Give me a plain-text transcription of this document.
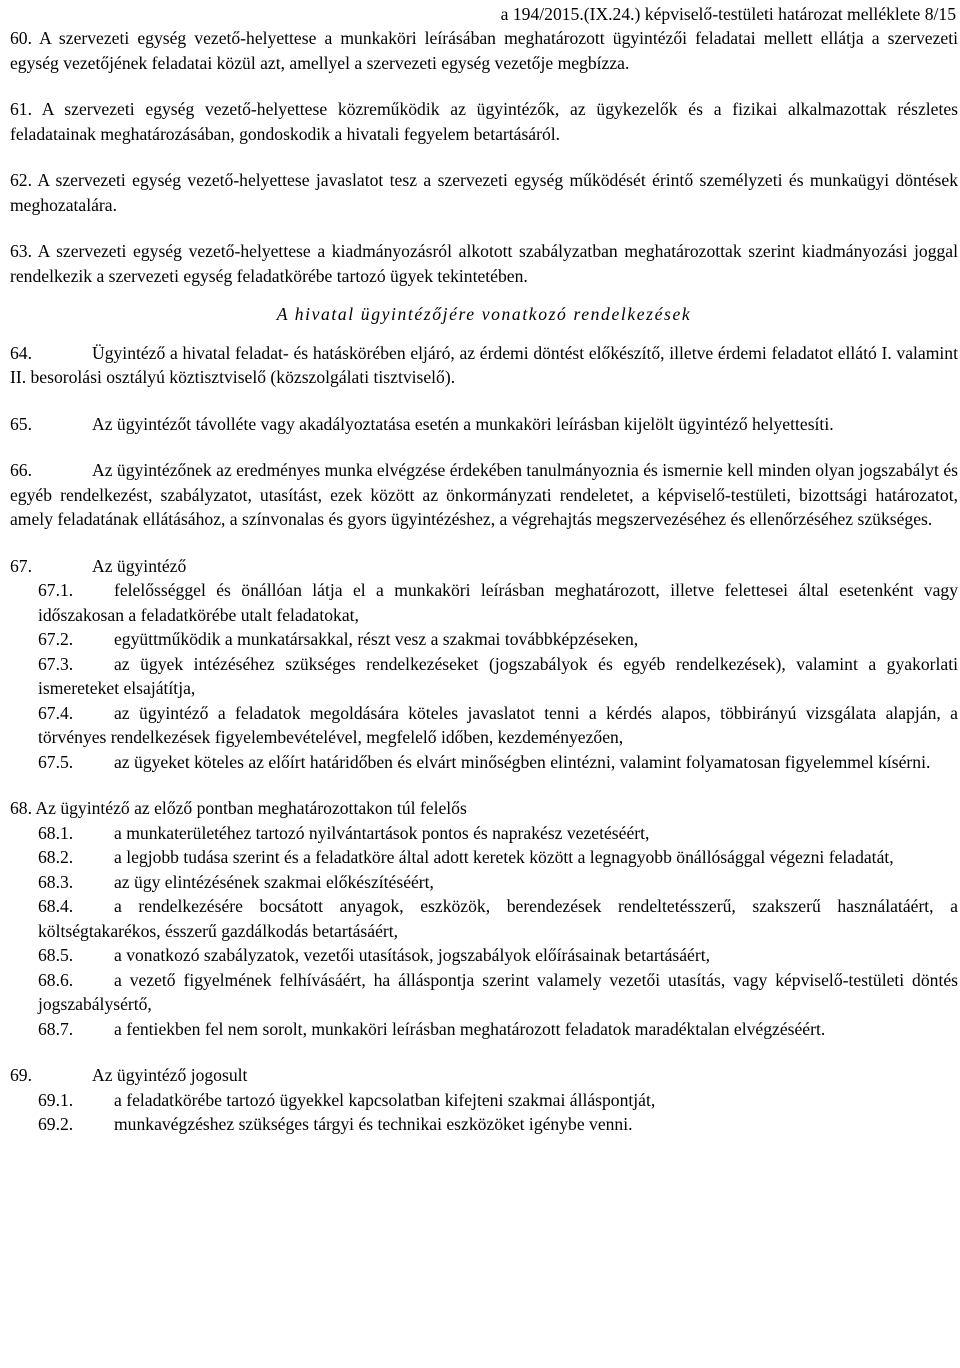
a 194/2015.(IX.24.) képviselő-testületi határozat melléklete 8/15

60. A szervezeti egység vezető-helyettese a munkaköri leírásában meghatározott ügyintézői feladatai mellett ellátja a szervezeti egység vezetőjének feladatai közül azt, amellyel a szervezeti egység vezetője megbízza.

61. A szervezeti egység vezető-helyettese közreműködik az ügyintézők, az ügykezelők és a fizikai alkalmazottak részletes feladatainak meghatározásában, gondoskodik a hivatali fegyelem betartásáról.

62. A szervezeti egység vezető-helyettese javaslatot tesz a szervezeti egység működését érintő személyzeti és munkaügyi döntések meghozatalára.

63. A szervezeti egység vezető-helyettese a kiadmányozásról alkotott szabályzatban meghatározottak szerint kiadmányozási joggal rendelkezik a szervezeti egység feladatkörébe tartozó ügyek tekintetében.

A hivatal ügyintézőjére vonatkozó rendelkezések

64.	Ügyintéző a hivatal feladat- és hatáskörében eljáró, az érdemi döntést előkészítő, illetve érdemi feladatot ellátó I. valamint II. besorolási osztályú köztisztviselő (közszolgálati tisztviselő).

65.	Az ügyintézőt távolléte vagy akadályoztatása esetén a munkaköri leírásban kijelölt ügyintéző helyettesíti.

66.	Az ügyintézőnek az eredményes munka elvégzése érdekében tanulmányoznia és ismernie kell minden olyan jogszabályt és egyéb rendelkezést, szabályzatot, utasítást, ezek között az önkormányzati rendeletet, a képviselő-testületi, bizottsági határozatot, amely feladatának ellátásához, a színvonalas és gyors ügyintézéshez, a végrehajtás megszervezéséhez és ellenőrzéséhez szükséges.

67.	Az ügyintéző

67.1. felelősséggel és önállóan látja el a munkaköri leírásban meghatározott, illetve felettesei által esetenként vagy időszakosan a feladatkörébe utalt feladatokat,

67.2. együttműködik a munkatársakkal, részt vesz a szakmai továbbképzéseken,

67.3. az ügyek intézéséhez szükséges rendelkezéseket (jogszabályok és egyéb rendelkezések), valamint a gyakorlati ismereteket elsajátítja,

67.4. az ügyintéző a feladatok megoldására köteles javaslatot tenni a kérdés alapos, többirányú vizsgálata alapján, a törvényes rendelkezések figyelembevételével, megfelelő időben, kezdeményezően,

67.5. az ügyeket köteles az előírt határidőben és elvárt minőségben elintézni, valamint folyamatosan figyelemmel kísérni.

68. Az ügyintéző az előző pontban meghatározottakon túl felelős

68.1. a munkaterületéhez tartozó nyilvántartások pontos és naprakész vezetéséért,

68.2. a legjobb tudása szerint és a feladatköre által adott keretek között a legnagyobb önállósággal végezni feladatát,

68.3. az ügy elintézésének szakmai előkészítéséért,

68.4. a rendelkezésére bocsátott anyagok, eszközök, berendezések rendeltetésszerű, szakszerű használatáért, a költségtakarékos, ésszerű gazdálkodás betartásáért,

68.5. a vonatkozó szabályzatok, vezetői utasítások, jogszabályok előírásainak betartásáért,

68.6. a vezető figyelmének felhívásáért, ha álláspontja szerint valamely vezetői utasítás, vagy képviselő-testületi döntés jogszabálysértő,

68.7. a fentiekben fel nem sorolt, munkaköri leírásban meghatározott feladatok maradéktalan elvégzéséért.

69.	Az ügyintéző jogosult

69.1. a feladatkörébe tartozó ügyekkel kapcsolatban kifejteni szakmai álláspontját,

69.2. munkavégzéshez szükséges tárgyi és technikai eszközöket igénybe venni.
